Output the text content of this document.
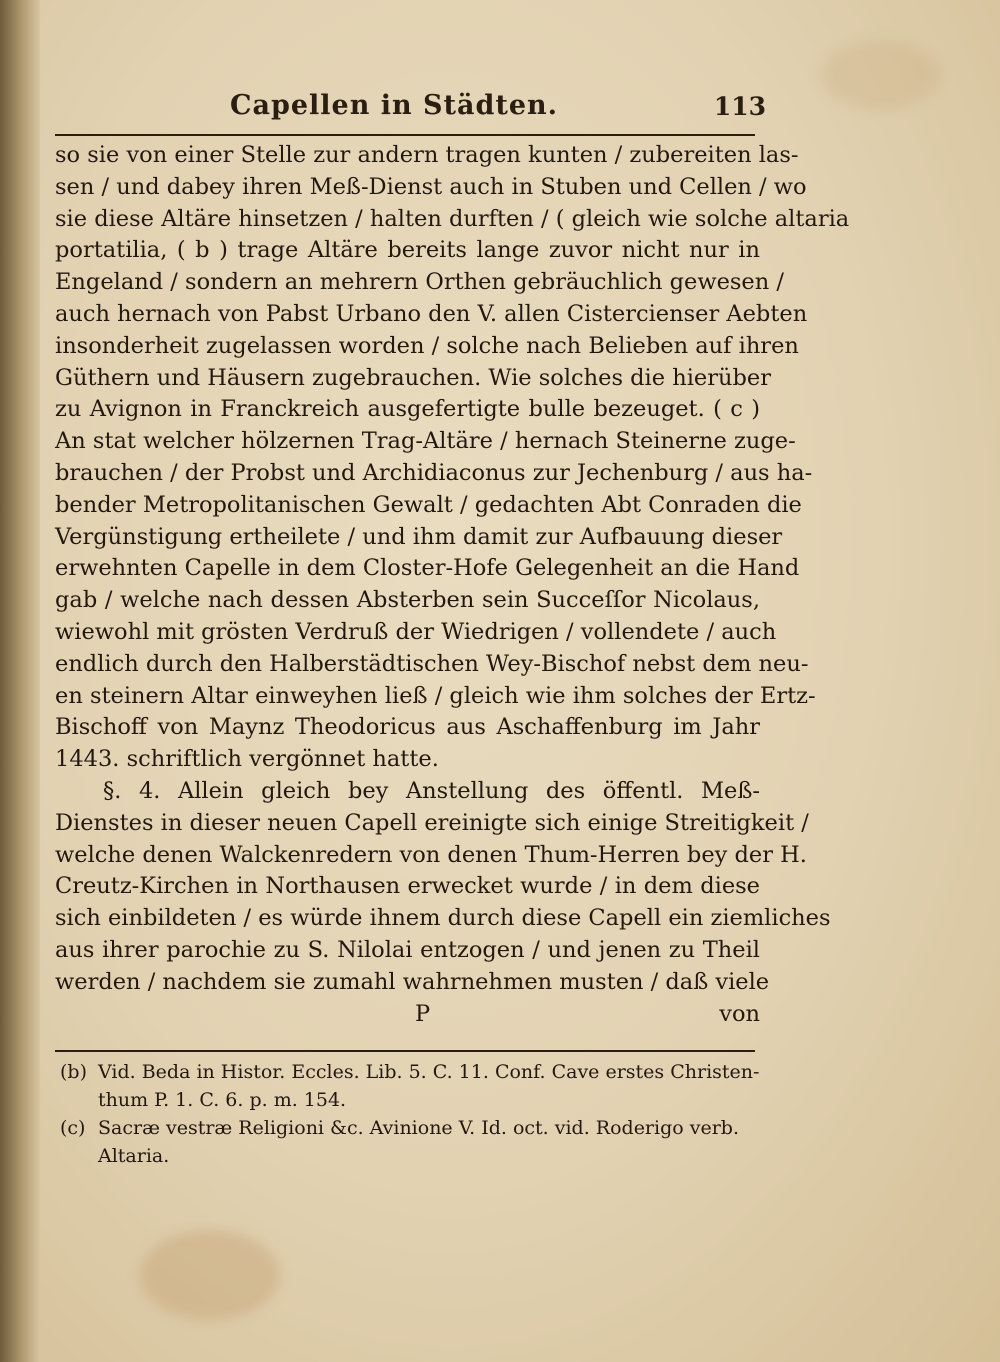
Capellen in Städten.	113
so sie von einer Stelle zur andern tragen kunten / zubereiten las-
sen / und dabey ihren Meß-Dienst auch in Stuben und Cellen / wo
sie diese Altäre hinsetzen / halten durften / ( gleich wie solche altaria
portatilia, ( b ) trage Altäre bereits lange zuvor nicht nur in
Engeland / sondern an mehrern Orthen gebräuchlich gewesen /
auch hernach von Pabst Urbano den V. allen Cistercienser Aebten
insonderheit zugelassen worden / solche nach Belieben auf ihren
Güthern und Häusern zugebrauchen. Wie solches die hierüber
zu Avignon in Franckreich ausgefertigte bulle bezeuget. ( c )
An stat welcher hölzernen Trag-Altäre / hernach Steinerne zuge-
brauchen / der Probst und Archidiaconus zur Jechenburg / aus ha-
bender Metropolitanischen Gewalt / gedachten Abt Conraden die
Vergünstigung ertheilete / und ihm damit zur Aufbauung dieser
erwehnten Capelle in dem Closter-Hofe Gelegenheit an die Hand
gab / welche nach dessen Absterben sein Succeſſor Nicolaus,
wiewohl mit grösten Verdruß der Wiedrigen / vollendete / auch
endlich durch den Halberstädtischen Wey-Bischof nebst dem neu-
en steinern Altar einweyhen ließ / gleich wie ihm solches der Ertz-
Bischoff von Maynz Theodoricus aus Aschaffenburg im Jahr
1443. schriftlich vergönnet hatte.
§. 4. Allein gleich bey Anstellung des öffentl. Meß-
Dienstes in dieser neuen Capell ereinigte sich einige Streitigkeit /
welche denen Walckenredern von denen Thum-Herren bey der H.
Creutz-Kirchen in Northausen erwecket wurde / in dem diese
sich einbildeten / es würde ihnem durch diese Capell ein ziemliches
aus ihrer parochie zu S. Nilolai entzogen / und jenen zu Theil
werden / nachdem sie zumahl wahrnehmen musten / daß viele
P	von
(b) Vid. Beda in Histor. Eccles. Lib. 5. C. 11. Conf. Cave erstes Christen-
thum P. 1. C. 6. p. m. 154.
(c) Sacræ vestræ Religioni &c. Avinione V. Id. oct. vid. Roderigo verb.
Altaria.
